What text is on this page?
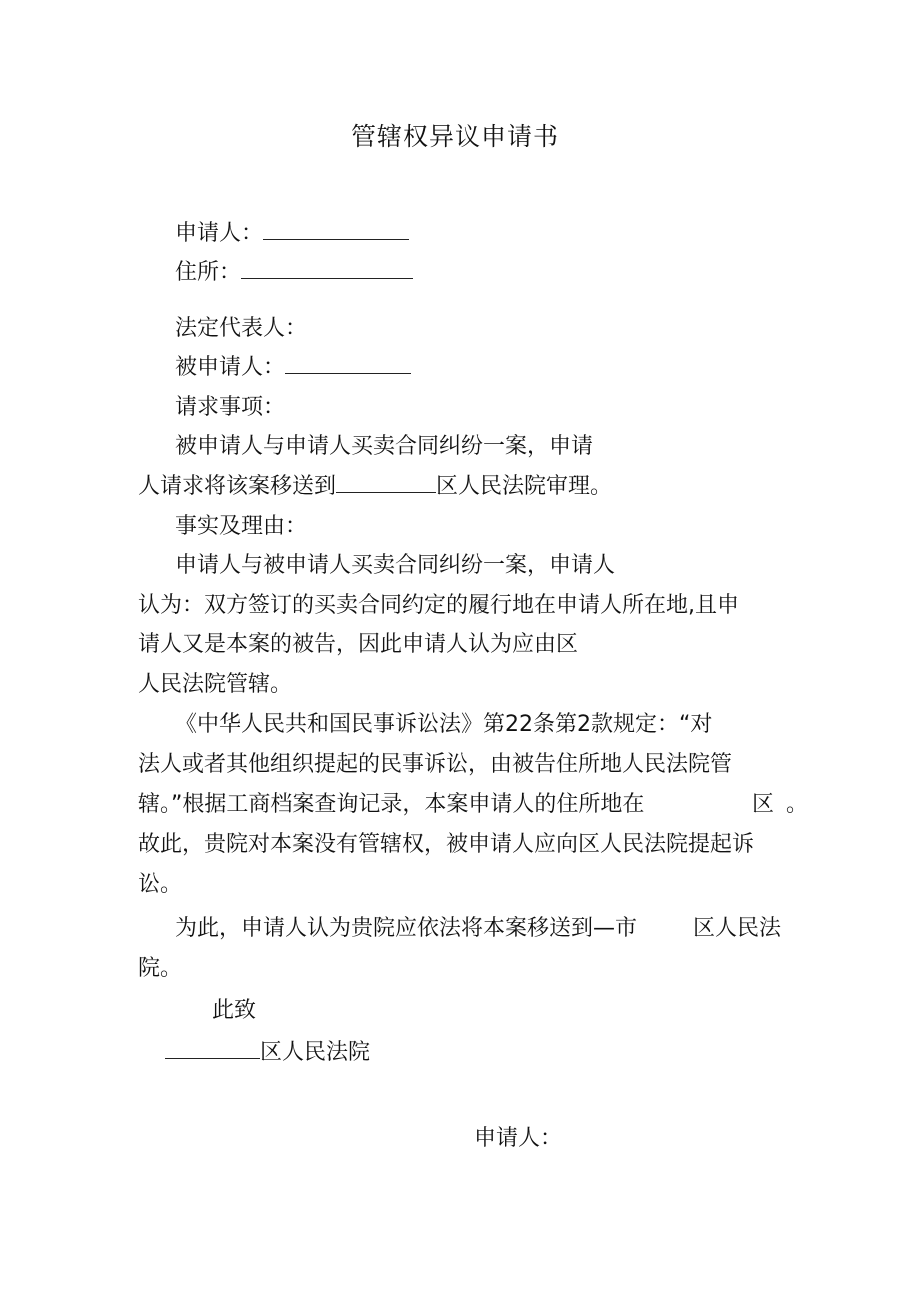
管辖权异议申请书
申请人：
住所：
法定代表人：
被申请人：
请求事项：
被申请人与申请人买卖合同纠纷一案，申请
人请求将该案移送到	区人民法院审理。
事实及理由：
申请人与被申请人买卖合同纠纷一案，申请人
认为：双方签订的买卖合同约定的履行地在申请人所在地,且申
请人又是本案的被告，因此申请人认为应由区
人民法院管辖。
《中华人民共和国民事诉讼法》第22条第2款规定：“对
法人或者其他组织提起的民事诉讼，由被告住所地人民法院管
辖。”根据工商档案查询记录，本案申请人的住所地在	区 。
故此，贵院对本案没有管辖权，被申请人应向区人民法院提起诉
讼。
为此，申请人认为贵院应依法将本案移送到—市	区人民法
院。
此致
区人民法院
申请人：
